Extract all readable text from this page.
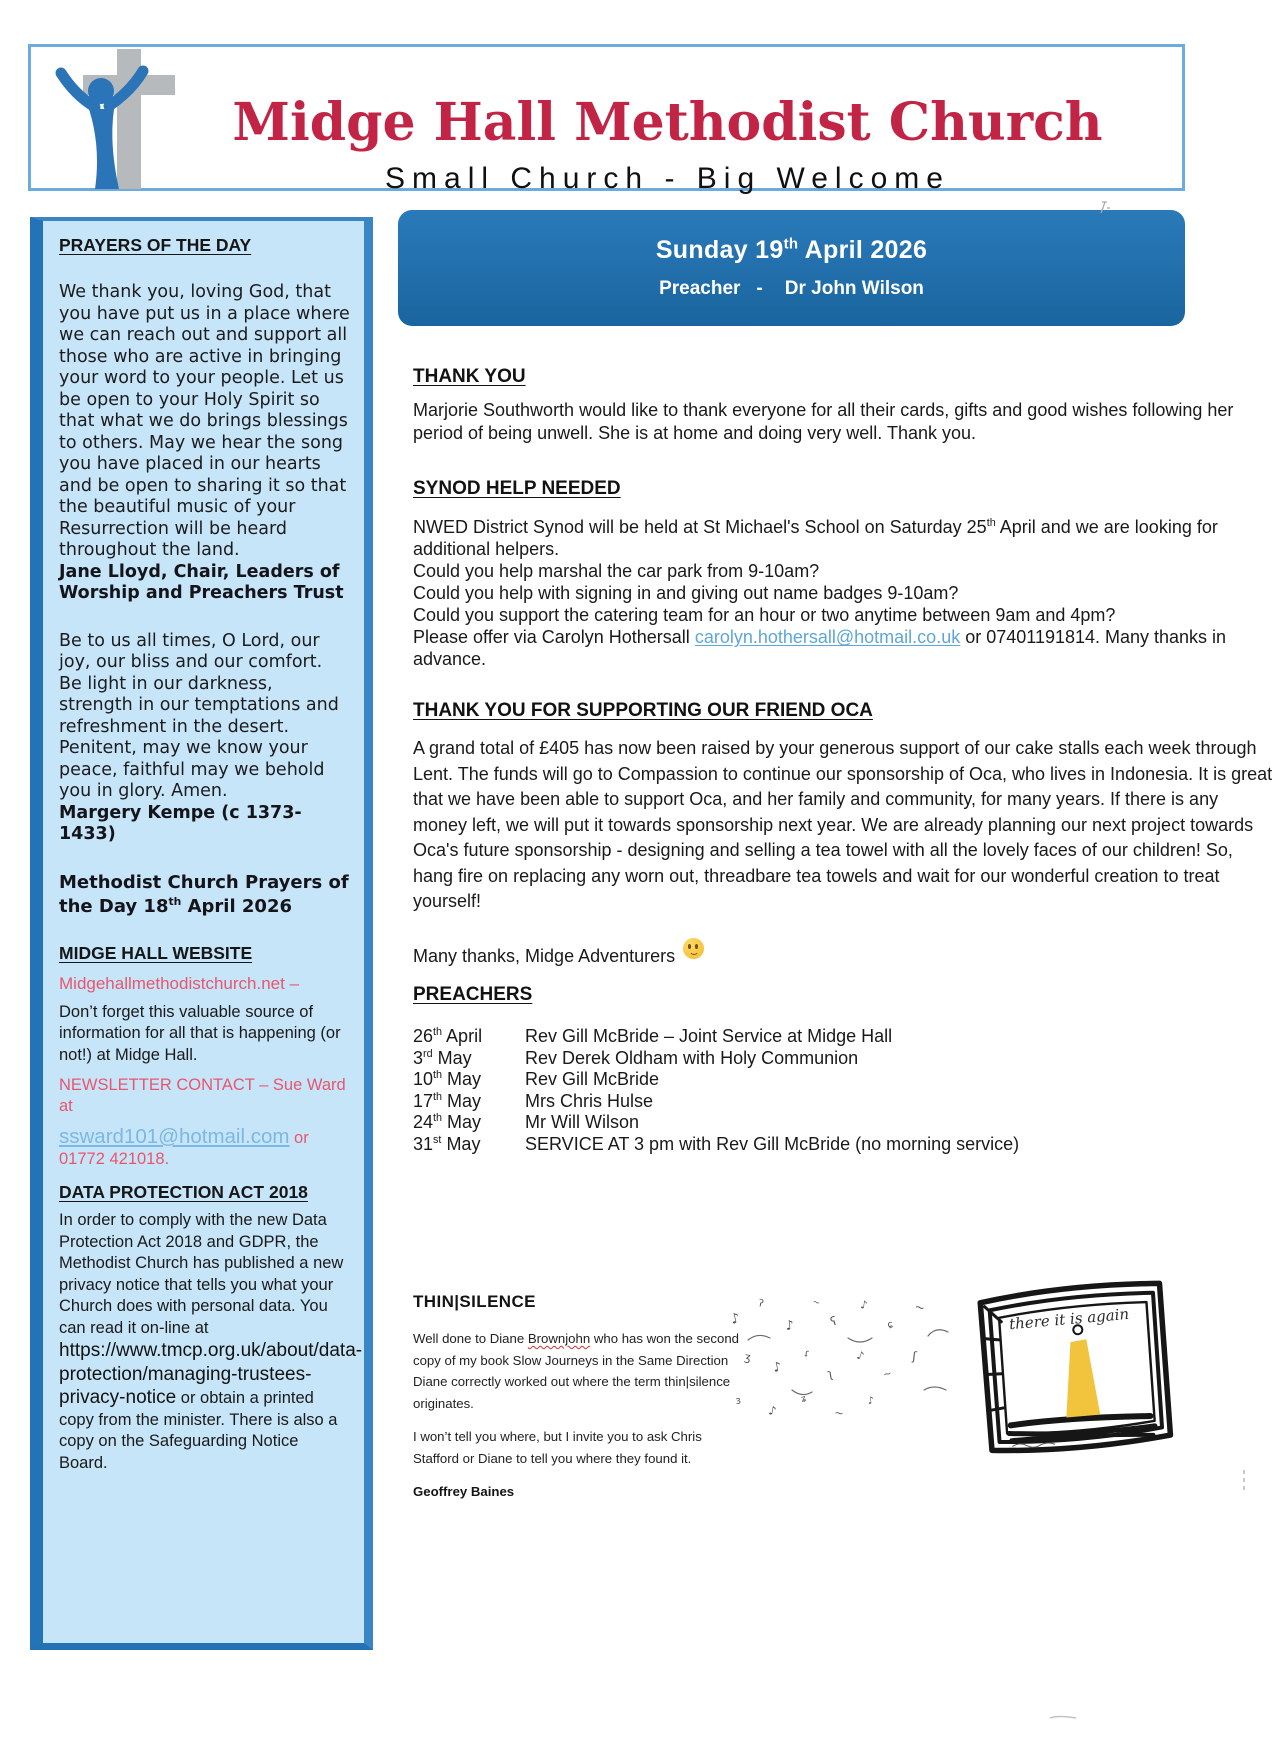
Midge Hall Methodist Church
Small Church - Big Welcome
PRAYERS OF THE DAY
We thank you, loving God, that you have put us in a place where we can reach out and support all those who are active in bringing your word to your people. Let us be open to your Holy Spirit so that what we do brings blessings to others. May we hear the song you have placed in our hearts and be open to sharing it so that the beautiful music of your Resurrection will be heard throughout the land.
Jane Lloyd, Chair, Leaders of Worship and Preachers Trust
Be to us all times, O Lord, our joy, our bliss and our comfort. Be light in our darkness, strength in our temptations and refreshment in the desert. Penitent, may we know your peace, faithful may we behold you in glory. Amen.
Margery Kempe (c 1373-1433)
Methodist Church Prayers of the Day 18th April 2026
MIDGE HALL WEBSITE
Midgehallmethodistchurch.net –
Don’t forget this valuable source of information for all that is happening (or not!) at Midge Hall.
NEWSLETTER CONTACT – Sue Ward at
ssward101@hotmail.com or
01772 421018.
DATA PROTECTION ACT 2018
In order to comply with the new Data Protection Act 2018 and GDPR, the Methodist Church has published a new privacy notice that tells you what your Church does with personal data. You can read it on-line at https://www.tmcp.org.uk/about/data-protection/managing-trustees-privacy-notice or obtain a printed copy from the minister. There is also a copy on the Safeguarding Notice Board.
Sunday 19th April 2026
Preacher - Dr John Wilson
THANK YOU
Marjorie Southworth would like to thank everyone for all their cards, gifts and good wishes following her period of being unwell. She is at home and doing very well. Thank you.
SYNOD HELP NEEDED
NWED District Synod will be held at St Michael's School on Saturday 25th April and we are looking for additional helpers.
Could you help marshal the car park from 9-10am?
Could you help with signing in and giving out name badges 9-10am?
Could you support the catering team for an hour or two anytime between 9am and 4pm?
Please offer via Carolyn Hothersall carolyn.hothersall@hotmail.co.uk or 07401191814. Many thanks in advance.
THANK YOU FOR SUPPORTING OUR FRIEND OCA
A grand total of £405 has now been raised by your generous support of our cake stalls each week through Lent. The funds will go to Compassion to continue our sponsorship of Oca, who lives in Indonesia. It is great that we have been able to support Oca, and her family and community, for many years. If there is any money left, we will put it towards sponsorship next year. We are already planning our next project towards Oca's future sponsorship - designing and selling a tea towel with all the lovely faces of our children! So, hang fire on replacing any worn out, threadbare tea towels and wait for our wonderful creation to treat yourself!
Many thanks, Midge Adventurers
PREACHERS
26th April	Rev Gill McBride – Joint Service at Midge Hall
3rd May	Rev Derek Oldham with Holy Communion
10th May	Rev Gill McBride
17th May	Mrs Chris Hulse
24th May	Mr Will Wilson
31st May	SERVICE AT 3 pm with Rev Gill McBride (no morning service)
THIN|SILENCE
Well done to Diane Brownjohn who has won the second copy of my book Slow Journeys in the Same Direction Diane correctly worked out where the term thin|silence originates.
I won’t tell you where, but I invite you to ask Chris Stafford or Diane to tell you where they found it.
Geoffrey Baines
there it is again
♪
ʔ
♪
~
ʕ
♪
ɕ
~
ʒ
♪
ɾ
ʅ
♪
~
ʃ
ɜ
♪
ʑ
~
♪
